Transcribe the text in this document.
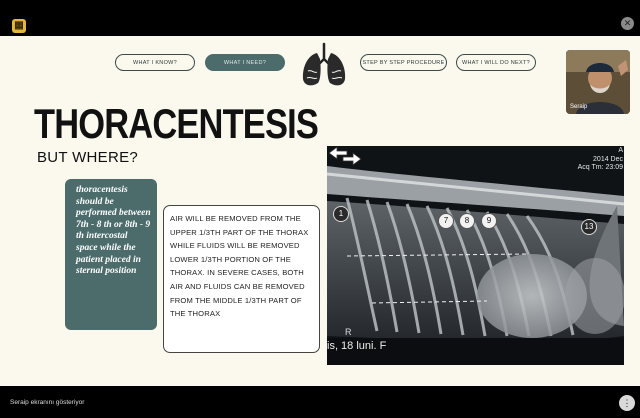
▦	✕
WHAT I KNOW?	WHAT I NEED?	STEP BY STEP PROCEDURE	WHAT I WILL DO NEXT?
Seraip
THORACENTESIS
BUT WHERE?

thoracentesis should be performed between 7th - 8 th or 8th - 9 th intercostal space while the patient placed in sternal position

AIR WILL BE REMOVED FROM THE UPPER 1/3TH PART OF THE THORAX WHILE FLUIDS WILL BE REMOVED LOWER 1/3TH PORTION OF THE THORAX. IN SEVERE CASES, BOTH AIR AND FLUIDS CAN BE REMOVED FROM THE MIDDLE 1/3TH PART OF THE THORAX

A
2014 Dec
Acq Tm: 23:09
1
7	8	9
13
R
is, 18 luni. F
Seraip ekranını gösteriyor	⋮
